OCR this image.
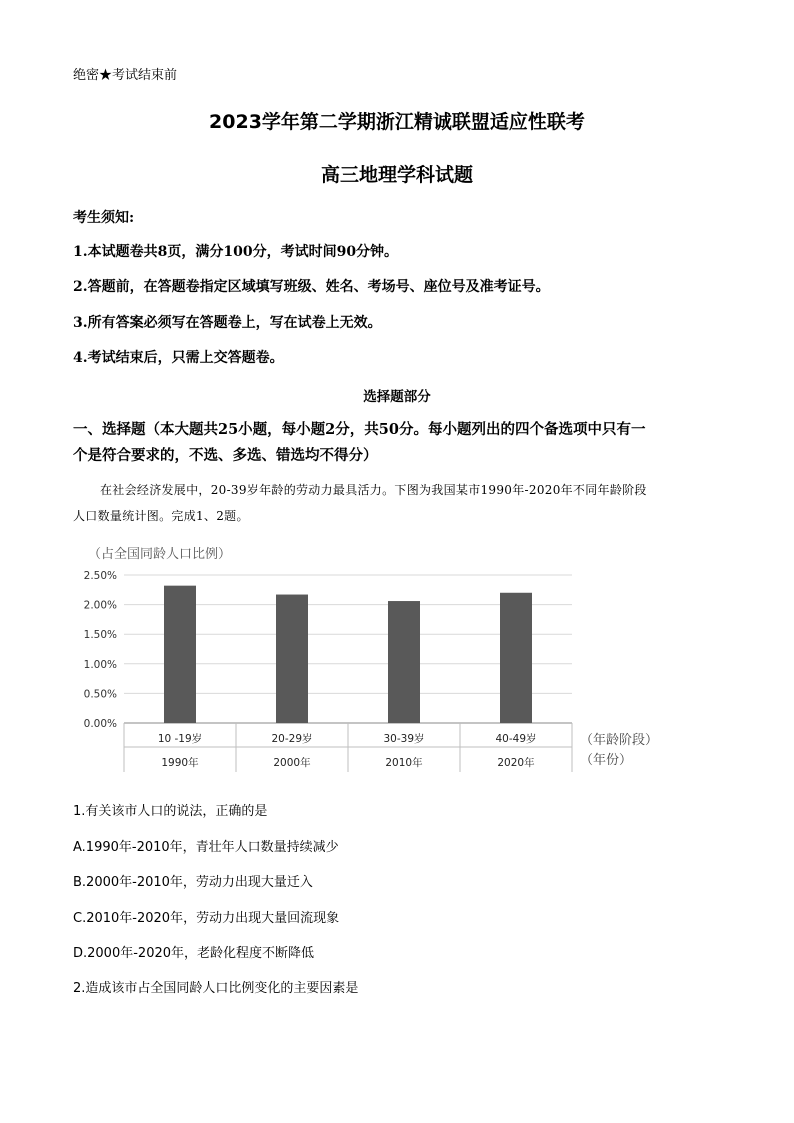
绝密★考试结束前
2023学年第二学期浙江精诚联盟适应性联考
高三地理学科试题
考生须知:
1.本试题卷共8页，满分100分，考试时间90分钟。
2.答题前，在答题卷指定区域填写班级、姓名、考场号、座位号及准考证号。
3.所有答案必须写在答题卷上，写在试卷上无效。
4.考试结束后，只需上交答题卷。
选择题部分
一、选择题（本大题共25小题，每小题2分，共50分。每小题列出的四个备选项中只有一
个是符合要求的，不选、多选、错选均不得分）
在社会经济发展中，20-39岁年龄的劳动力最具活力。下图为我国某市1990年-2020年不同年龄阶段
人口数量统计图。完成1、2题。
（占全国同龄人口比例）
0.00%
0.50%
1.00%
1.50%
2.00%
2.50%
10 -19岁
1990年
20-29岁
2000年
30-39岁
2010年
40-49岁
2020年
（年龄阶段）
（年份）
1.有关该市人口的说法，正确的是
A.1990年-2010年，青壮年人口数量持续减少
B.2000年-2010年，劳动力出现大量迁入
C.2010年-2020年，劳动力出现大量回流现象
D.2000年-2020年，老龄化程度不断降低
2.造成该市占全国同龄人口比例变化的主要因素是
